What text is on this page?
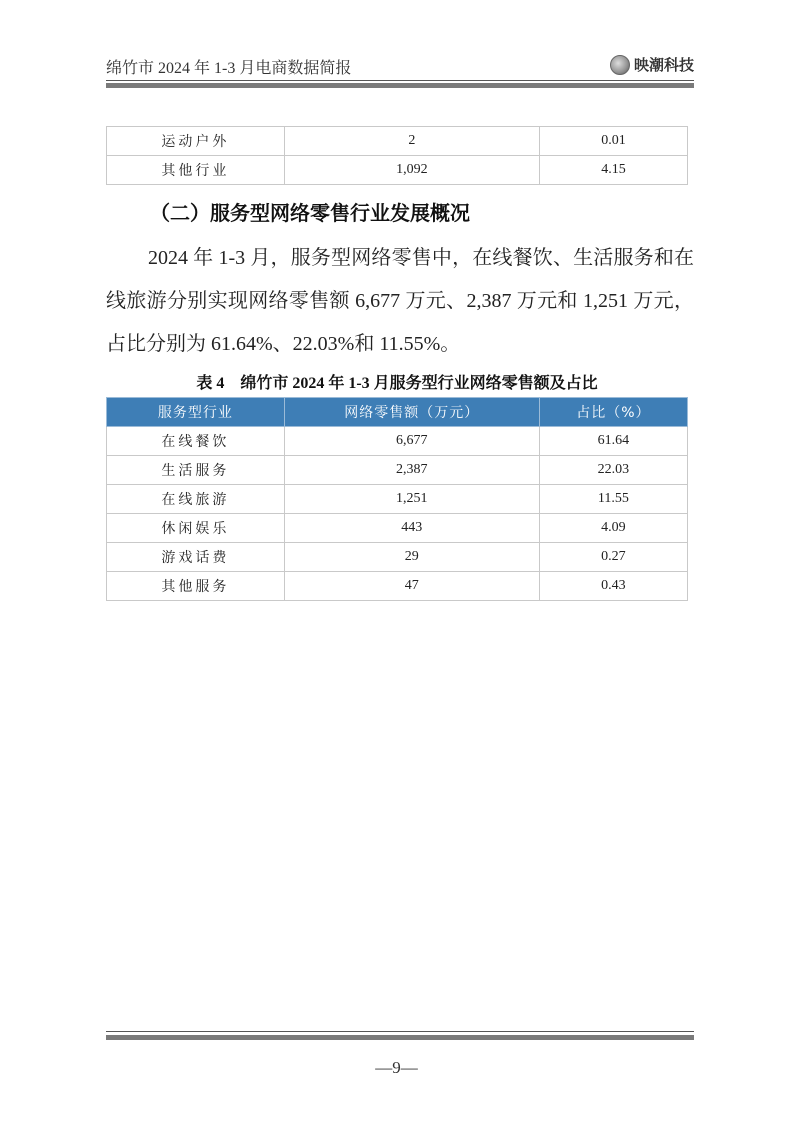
绵竹市 2024 年 1-3 月电商数据简报	映潮科技
运动户外	2	0.01
其他行业	1,092	4.15
（二）服务型网络零售行业发展概况
2024 年 1-3 月，服务型网络零售中，在线餐饮、生活服务和在线旅游分别实现网络零售额 6,677 万元、2,387 万元和 1,251 万元，占比分别为 61.64%、22.03%和 11.55%。
表 4　绵竹市 2024 年 1-3 月服务型行业网络零售额及占比
服务型行业	网络零售额（万元）	占比（%）
在线餐饮	6,677	61.64
生活服务	2,387	22.03
在线旅游	1,251	11.55
休闲娱乐	443	4.09
游戏话费	29	0.27
其他服务	47	0.43
—9—
